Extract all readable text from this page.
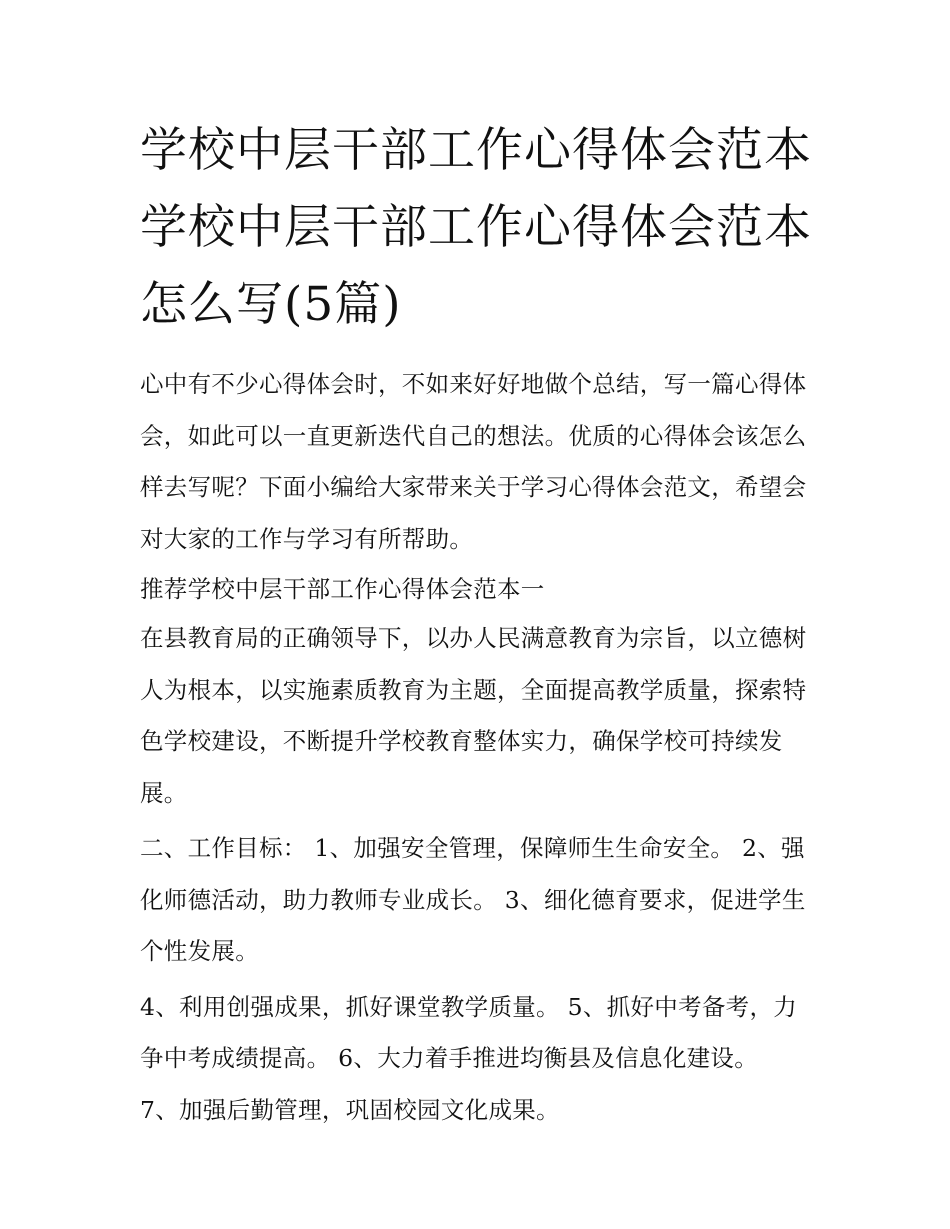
学校中层干部工作心得体会范本 学校中层干部工作心得体会范本怎么写(5篇)

心中有不少心得体会时，不如来好好地做个总结，写一篇心得体会，如此可以一直更新迭代自己的想法。优质的心得体会该怎么样去写呢？下面小编给大家带来关于学习心得体会范文，希望会对大家的工作与学习有所帮助。

推荐学校中层干部工作心得体会范本一

在县教育局的正确领导下，以办人民满意教育为宗旨，以立德树人为根本，以实施素质教育为主题，全面提高教学质量，探索特色学校建设，不断提升学校教育整体实力，确保学校可持续发展。

二、工作目标： 1、加强安全管理，保障师生生命安全。 2、强化师德活动，助力教师专业成长。 3、细化德育要求，促进学生个性发展。

4、利用创强成果，抓好课堂教学质量。 5、抓好中考备考，力争中考成绩提高。 6、大力着手推进均衡县及信息化建设。

7、加强后勤管理，巩固校园文化成果。
